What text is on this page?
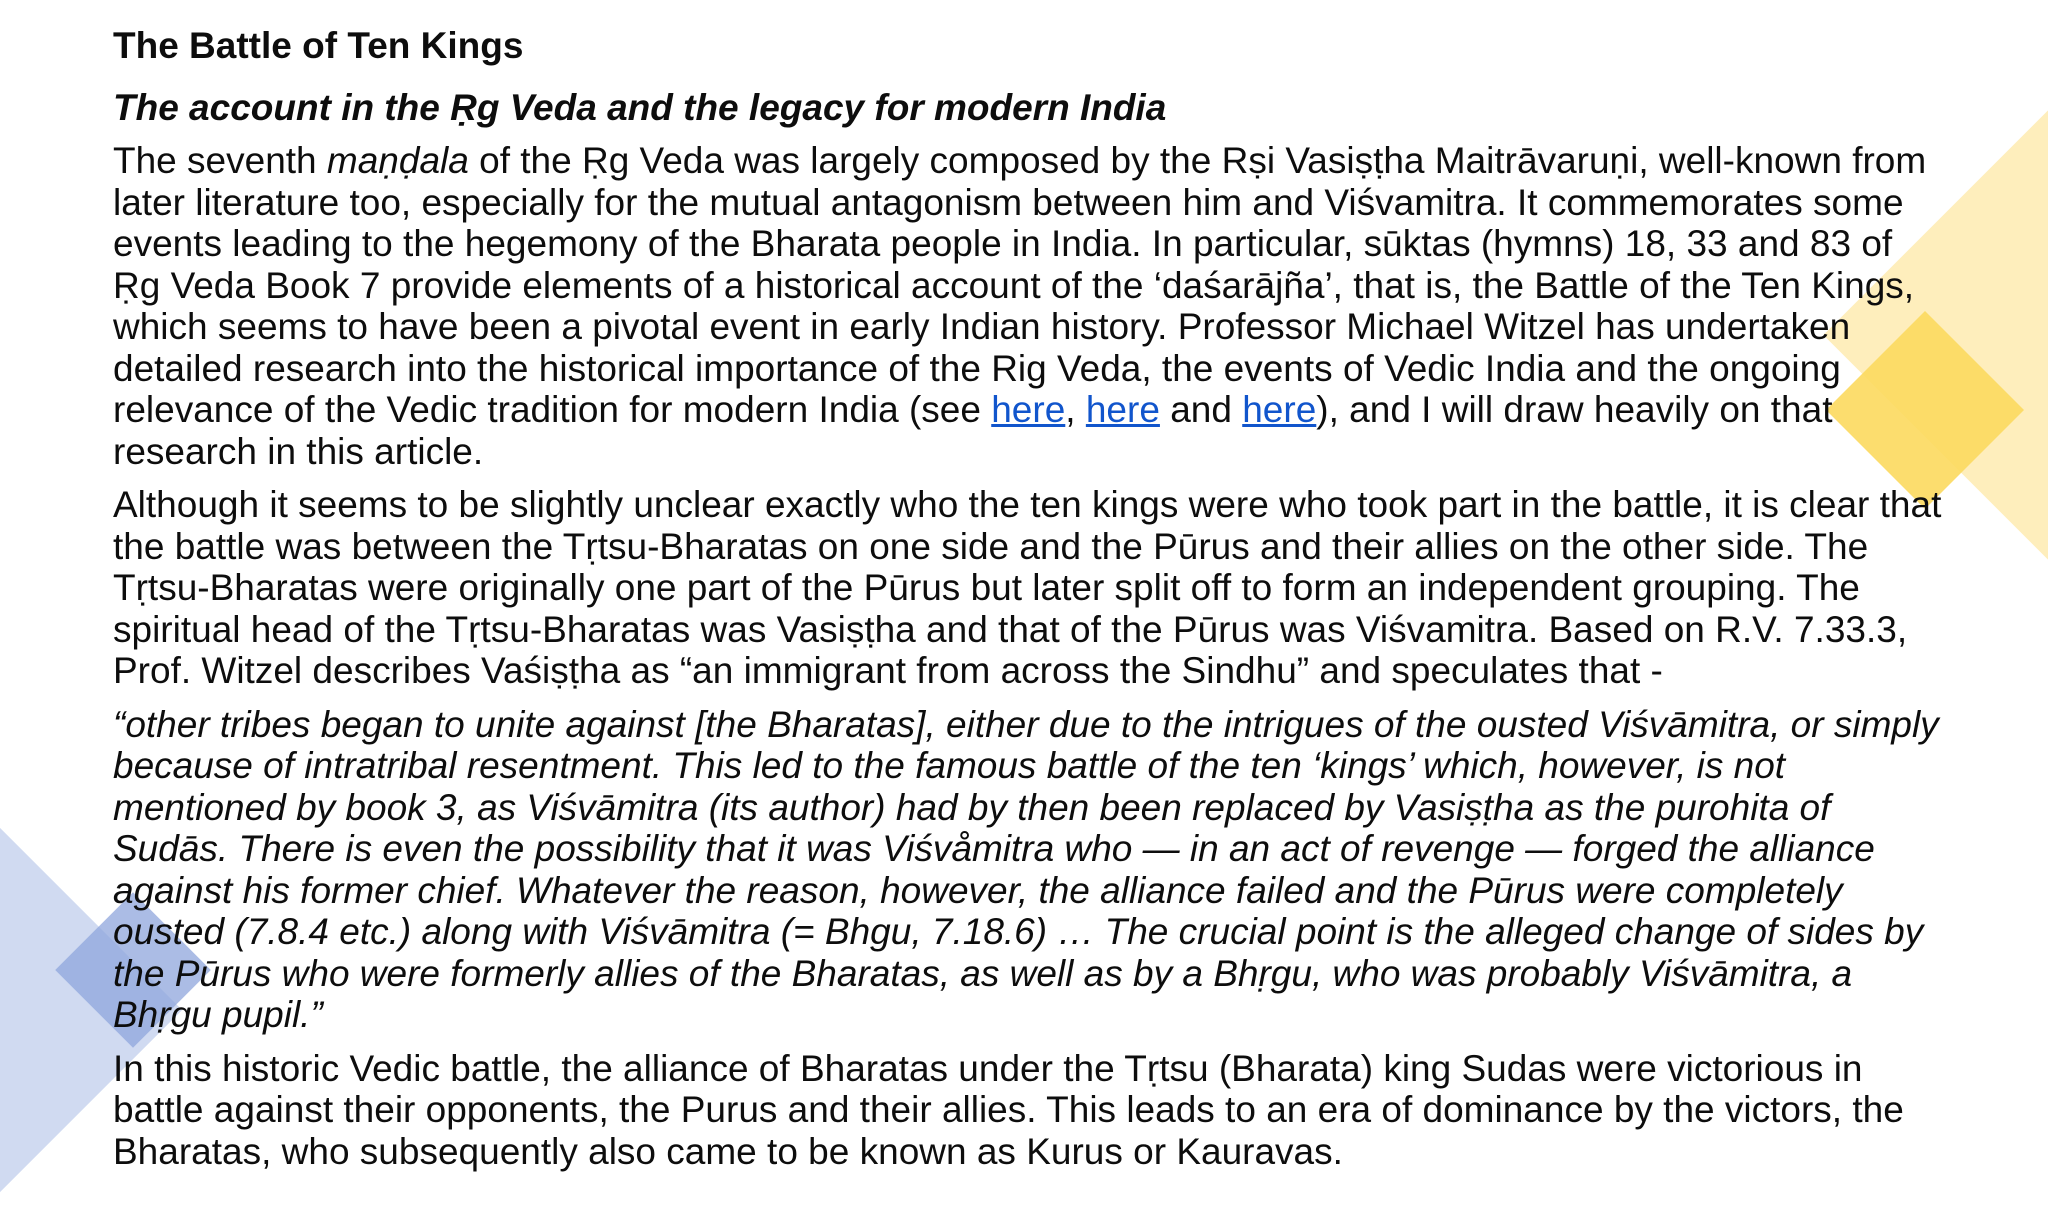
The Battle of Ten Kings
The account in the Ṛg Veda and the legacy for modern India

The seventh maṇḍala of the Ṛg Veda was largely composed by the Rṣi Vasiṣṭha Maitrāvaruṇi, well-known from later literature too, especially for the mutual antagonism between him and Viśvamitra. It commemorates some events leading to the hegemony of the Bharata people in India. In particular, sūktas (hymns) 18, 33 and 83 of Ṛg Veda Book 7 provide elements of a historical account of the ‘daśarājña’, that is, the Battle of the Ten Kings, which seems to have been a pivotal event in early Indian history. Professor Michael Witzel has undertaken detailed research into the historical importance of the Rig Veda, the events of Vedic India and the ongoing relevance of the Vedic tradition for modern India (see here, here and here), and I will draw heavily on that research in this article.

Although it seems to be slightly unclear exactly who the ten kings were who took part in the battle, it is clear that the battle was between the Tṛtsu-Bharatas on one side and the Pūrus and their allies on the other side. The Tṛtsu-Bharatas were originally one part of the Pūrus but later split off to form an independent grouping. The spiritual head of the Tṛtsu-Bharatas was Vasiṣṭha and that of the Pūrus was Viśvamitra. Based on R.V. 7.33.3, Prof. Witzel describes Vaśiṣṭha as “an immigrant from across the Sindhu” and speculates that -

“other tribes began to unite against [the Bharatas], either due to the intrigues of the ousted Viśvāmitra, or simply because of intratribal resentment. This led to the famous battle of the ten ‘kings’ which, however, is not mentioned by book 3, as Viśvāmitra (its author) had by then been replaced by Vasiṣṭha as the purohita of Sudās. There is even the possibility that it was Viśvåmitra who — in an act of revenge — forged the alliance against his former chief. Whatever the reason, however, the alliance failed and the Pūrus were completely ousted (7.8.4 etc.) along with Viśvāmitra (= Bhgu, 7.18.6) … The crucial point is the alleged change of sides by the Pūrus who were formerly allies of the Bharatas, as well as by a Bhṛgu, who was probably Viśvāmitra, a Bhṛgu pupil.”

In this historic Vedic battle, the alliance of Bharatas under the Tṛtsu (Bharata) king Sudas were victorious in battle against their opponents, the Purus and their allies. This leads to an era of dominance by the victors, the Bharatas, who subsequently also came to be known as Kurus or Kauravas.
